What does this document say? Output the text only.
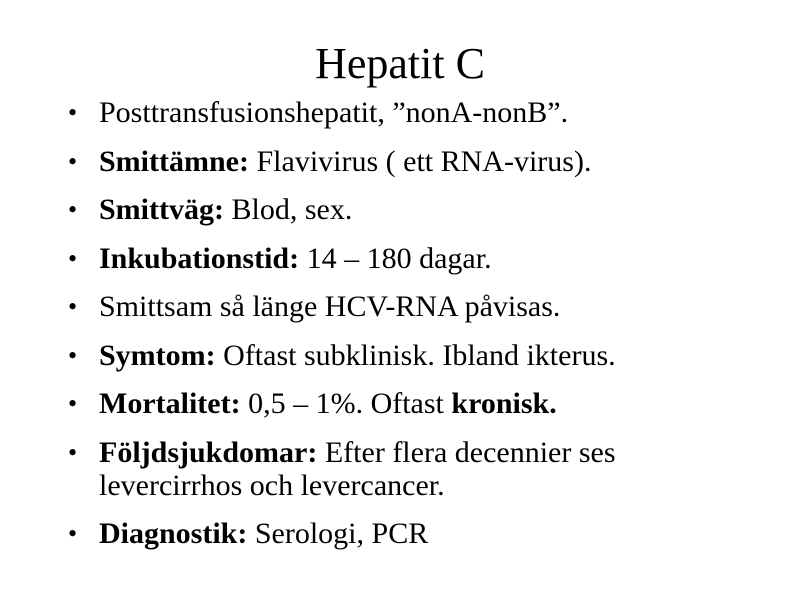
Hepatit C
• Posttransfusionshepatit, ”nonA-nonB”.
• Smittämne: Flavivirus ( ett RNA-virus).
• Smittväg: Blod, sex.
• Inkubationstid: 14 – 180 dagar.
• Smittsam så länge HCV-RNA påvisas.
• Symtom: Oftast subklinisk. Ibland ikterus.
• Mortalitet: 0,5 – 1%. Oftast kronisk.
• Följdsjukdomar: Efter flera decennier ses levercirrhos och levercancer.
• Diagnostik: Serologi, PCR
